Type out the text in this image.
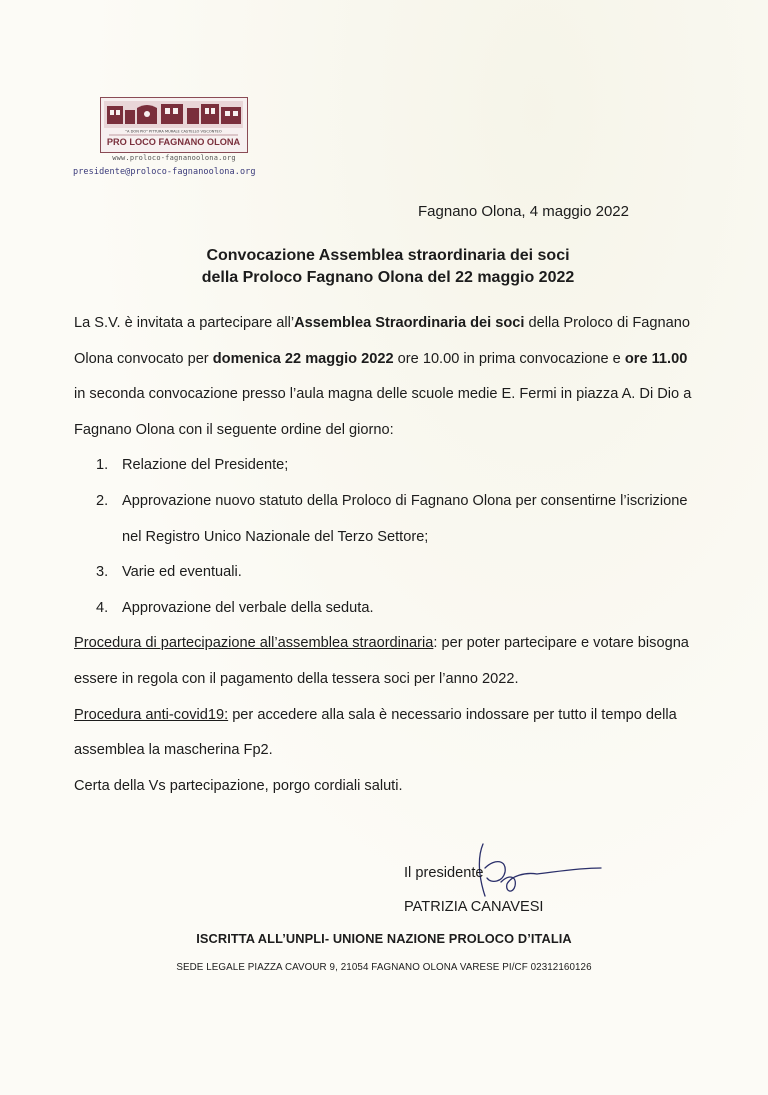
"A DON PIO" PITTURA MURALE CASTELLO VISCONTEO
PRO LOCO FAGNANO OLONA
www.proloco-fagnanoolona.org
presidente@proloco-fagnanoolona.org
Fagnano Olona, 4 maggio 2022
Convocazione Assemblea straordinaria dei soci
della Proloco Fagnano Olona del 22 maggio 2022

La S.V. è invitata a partecipare all’Assemblea Straordinaria dei soci della Proloco di Fagnano Olona convocato per domenica 22 maggio 2022 ore 10.00 in prima convocazione e ore 11.00 in seconda convocazione presso l’aula magna delle scuole medie E. Fermi in piazza A. Di Dio a Fagnano Olona con il seguente ordine del giorno:

1. Relazione del Presidente;
2. Approvazione nuovo statuto della Proloco di Fagnano Olona per consentirne l’iscrizione nel Registro Unico Nazionale del Terzo Settore;
3. Varie ed eventuali.
4. Approvazione del verbale della seduta.

Procedura di partecipazione all’assemblea straordinaria: per poter partecipare e votare bisogna essere in regola con il pagamento della tessera soci per l’anno 2022.

Procedura anti-covid19: per accedere alla sala è necessario indossare per tutto il tempo della assemblea la mascherina Fp2.

Certa della Vs partecipazione, porgo cordiali saluti.

Il presidente
PATRIZIA CANAVESI
ISCRITTA ALL’UNPLI- UNIONE NAZIONE PROLOCO D’ITALIA
SEDE LEGALE PIAZZA CAVOUR 9, 21054 FAGNANO OLONA VARESE PI/CF 02312160126
